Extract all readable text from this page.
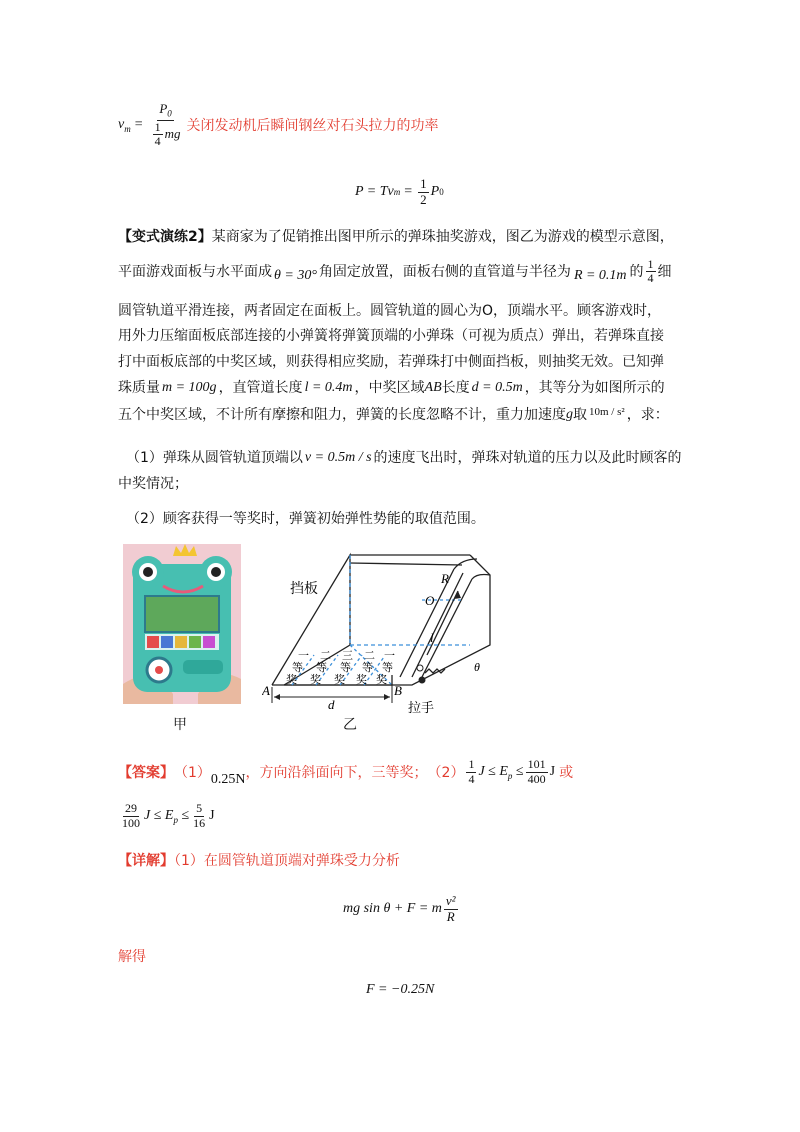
$v_m = \frac{P_0}{\frac{1}{4} mg}$ 关闭发动机后瞬间钢丝对石头拉力的功率
P = Tv $m = \frac{1}{2}$ P 0
【变式演练2】某商家为了促销推出图甲所示的弹珠抽奖游戏，图乙为游戏的模型示意图，
平面游戏面板与水平面成 θ = 30° 角固定放置，面板右侧的直管道与半径为 R = 0.1m 的 $\frac{1}{4}$ 细
圆管轨道平滑连接，两者固定在面板上。圆管轨道的圆心为O，顶端水平。顾客游戏时，
用外力压缩面板底部连接的小弹簧将弹簧顶端的小弹珠（可视为质点）弹出，若弹珠直接
打中面板底部的中奖区域，则获得相应奖励，若弹珠打中侧面挡板，则抽奖无效。已知弹
珠质量 m = 100g ，直管道长度 l = 0.4m ，中奖区域 AB 长度 d = 0.5m ，其等分为如图所示的
五个中奖区域，不计所有摩擦和阻力，弹簧的长度忽略不计，重力加速度 g 取 10m / s² ，求：
（1）弹珠从圆管轨道顶端以 v = 0.5m / s 的速度飞出时，弹珠对轨道的压力以及此时顾客的
中奖情况；
（2）顾客获得一等奖时，弹簧初始弹性势能的取值范围。
挡板
R
O
l
θ
A	B
d	拉手
一 二 三 二 一
等 等 等 等 等
奖 奖 奖 奖 奖
甲	乙
【答案】 （1） 0.25N ，方向沿斜面向下，三等奖； $(2) \frac{1}{4}$ $J \le E_p \le \frac{101}{400}$ J 或
$\frac{29}{100}$ $J \le E_p \le \frac{5}{16}$ J
【详解】（1）在圆管轨道顶端对弹珠受力分析
mg sin θ + F = m $\frac{\text{v²}}{R}$
解得
F = −0.25N
